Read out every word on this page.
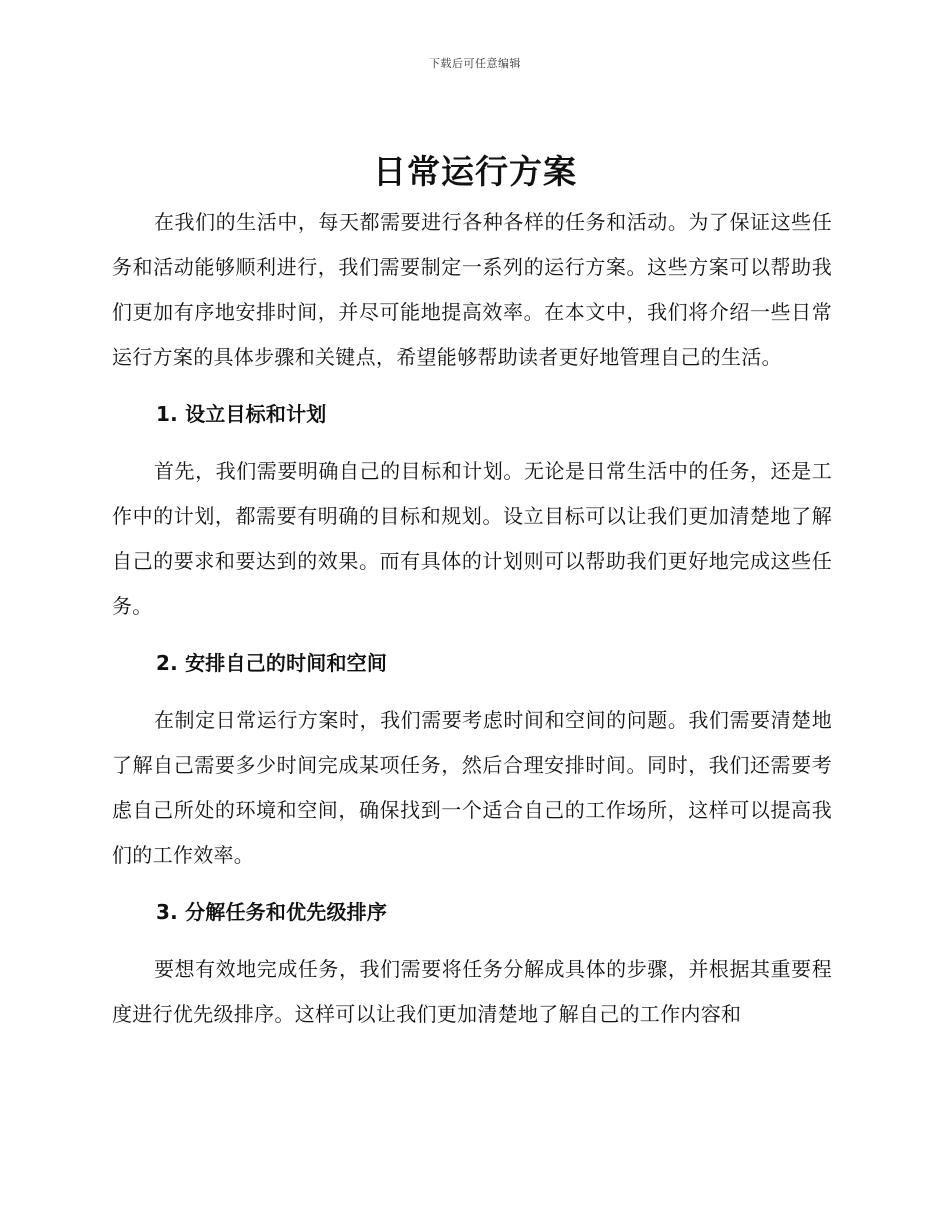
下载后可任意编辑
日常运行方案

在我们的生活中，每天都需要进行各种各样的任务和活动。为了保证这些任务和活动能够顺利进行，我们需要制定一系列的运行方案。这些方案可以帮助我们更加有序地安排时间，并尽可能地提高效率。在本文中，我们将介绍一些日常运行方案的具体步骤和关键点，希望能够帮助读者更好地管理自己的生活。

1. 设立目标和计划

首先，我们需要明确自己的目标和计划。无论是日常生活中的任务，还是工作中的计划，都需要有明确的目标和规划。设立目标可以让我们更加清楚地了解自己的要求和要达到的效果。而有具体的计划则可以帮助我们更好地完成这些任务。

2. 安排自己的时间和空间

在制定日常运行方案时，我们需要考虑时间和空间的问题。我们需要清楚地了解自己需要多少时间完成某项任务，然后合理安排时间。同时，我们还需要考虑自己所处的环境和空间，确保找到一个适合自己的工作场所，这样可以提高我们的工作效率。

3. 分解任务和优先级排序

要想有效地完成任务，我们需要将任务分解成具体的步骤，并根据其重要程度进行优先级排序。这样可以让我们更加清楚地了解自己的工作内容和
